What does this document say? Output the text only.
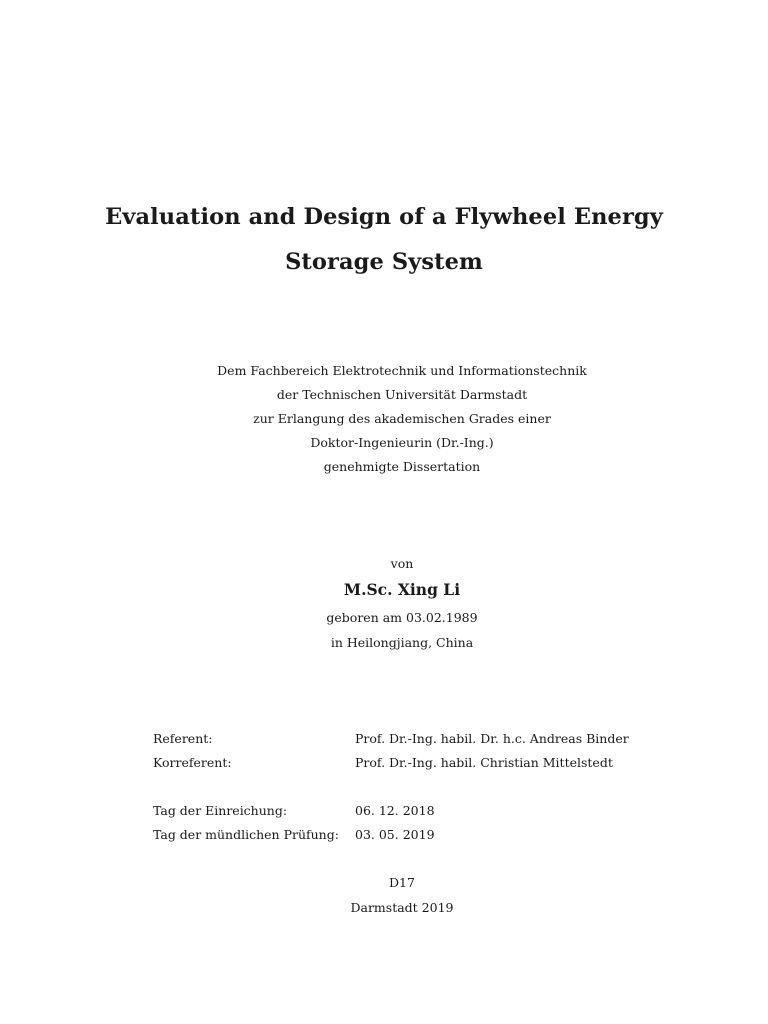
Evaluation and Design of a Flywheel Energy
Storage System
Dem Fachbereich Elektrotechnik und Informationstechnik
der Technischen Universität Darmstadt
zur Erlangung des akademischen Grades einer
Doktor-Ingenieurin (Dr.-Ing.)
genehmigte Dissertation
von
M.Sc. Xing Li
geboren am 03.02.1989
in Heilongjiang, China
Referent:	Prof. Dr.-Ing. habil. Dr. h.c. Andreas Binder
Korreferent:	Prof. Dr.-Ing. habil. Christian Mittelstedt
Tag der Einreichung:	06. 12. 2018
Tag der mündlichen Prüfung: 03. 05. 2019
D17
Darmstadt 2019
